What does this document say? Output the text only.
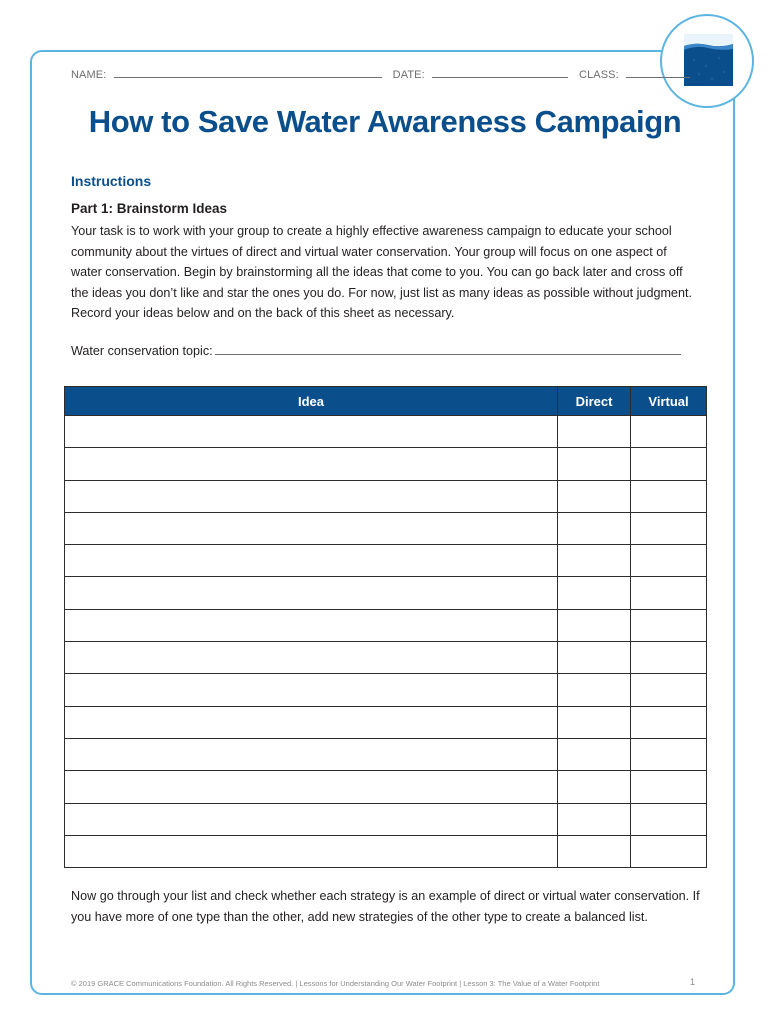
NAME:	DATE:	CLASS:
How to Save Water Awareness Campaign
Instructions
Part 1: Brainstorm Ideas
Your task is to work with your group to create a highly effective awareness campaign to educate your school community about the virtues of direct and virtual water conservation. Your group will focus on one aspect of water conservation. Begin by brainstorming all the ideas that come to you. You can go back later and cross off the ideas you don’t like and star the ones you do. For now, just list as many ideas as possible without judgment. Record your ideas below and on the back of this sheet as necessary.
Water conservation topic:
Idea	Direct	Virtual

Now go through your list and check whether each strategy is an example of direct or virtual water conservation. If you have more of one type than the other, add new strategies of the other type to create a balanced list.
© 2019 GRACE Communications Foundation. All Rights Reserved. | Lessons for Understanding Our Water Footprint | Lesson 3: The Value of a Water Footprint	1
